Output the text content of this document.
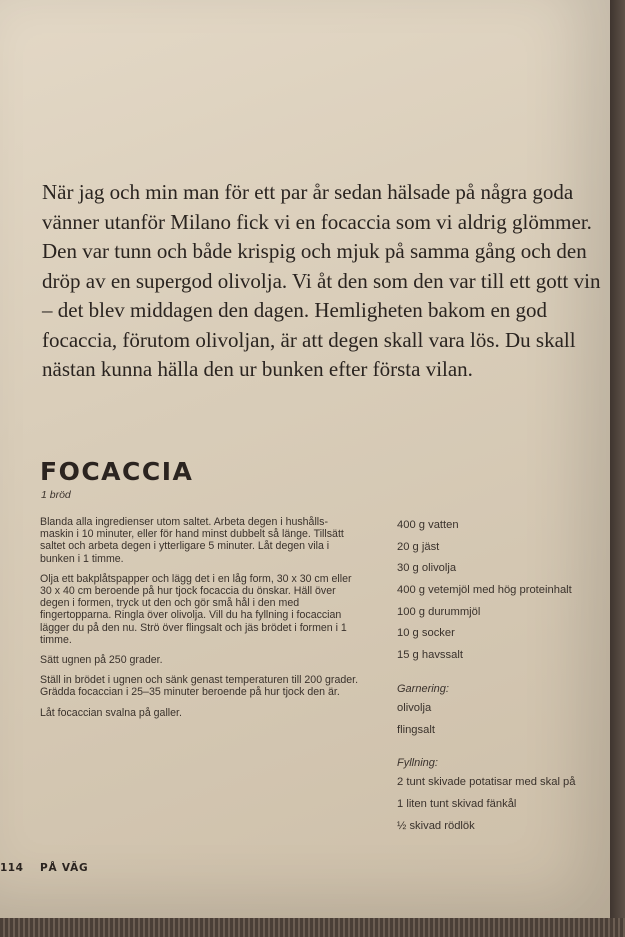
När jag och min man för ett par år sedan hälsade på några goda vänner utanför Milano fick vi en focaccia som vi aldrig glömmer. Den var tunn och både krispig och mjuk på samma gång och den dröp av en supergod olivolja. Vi åt den som den var till ett gott vin – det blev middagen den dagen. Hemligheten bakom en god focaccia, förutom olivoljan, är att degen skall vara lös. Du skall nästan kunna hälla den ur bunken efter första vilan.

FOCACCIA

1 bröd

Blanda alla ingredienser utom saltet. Arbeta degen i hushålls-maskin i 10 minuter, eller för hand minst dubbelt så länge. Tillsätt saltet och arbeta degen i ytterligare 5 minuter. Låt degen vila i bunken i 1 timme.

Olja ett bakplåtspapper och lägg det i en låg form, 30 x 30 cm eller 30 x 40 cm beroende på hur tjock focaccia du önskar. Häll över degen i formen, tryck ut den och gör små hål i den med fingertopparna. Ringla över olivolja. Vill du ha fyllning i focaccian lägger du på den nu. Strö över flingsalt och jäs brödet i formen i 1 timme.

Sätt ugnen på 250 grader.

Ställ in brödet i ugnen och sänk genast temperaturen till 200 grader. Grädda focaccian i 25–35 minuter beroende på hur tjock den är.

Låt focaccian svalna på galler.

400 g vatten
20 g jäst
30 g olivolja
400 g vetemjöl med hög proteinhalt
100 g durummjöl
10 g socker
15 g havssalt
Garnering:
olivolja
flingsalt
Fyllning:
2 tunt skivade potatisar med skal på
1 liten tunt skivad fänkål
½ skivad rödlök
114 PÅ VÄG
